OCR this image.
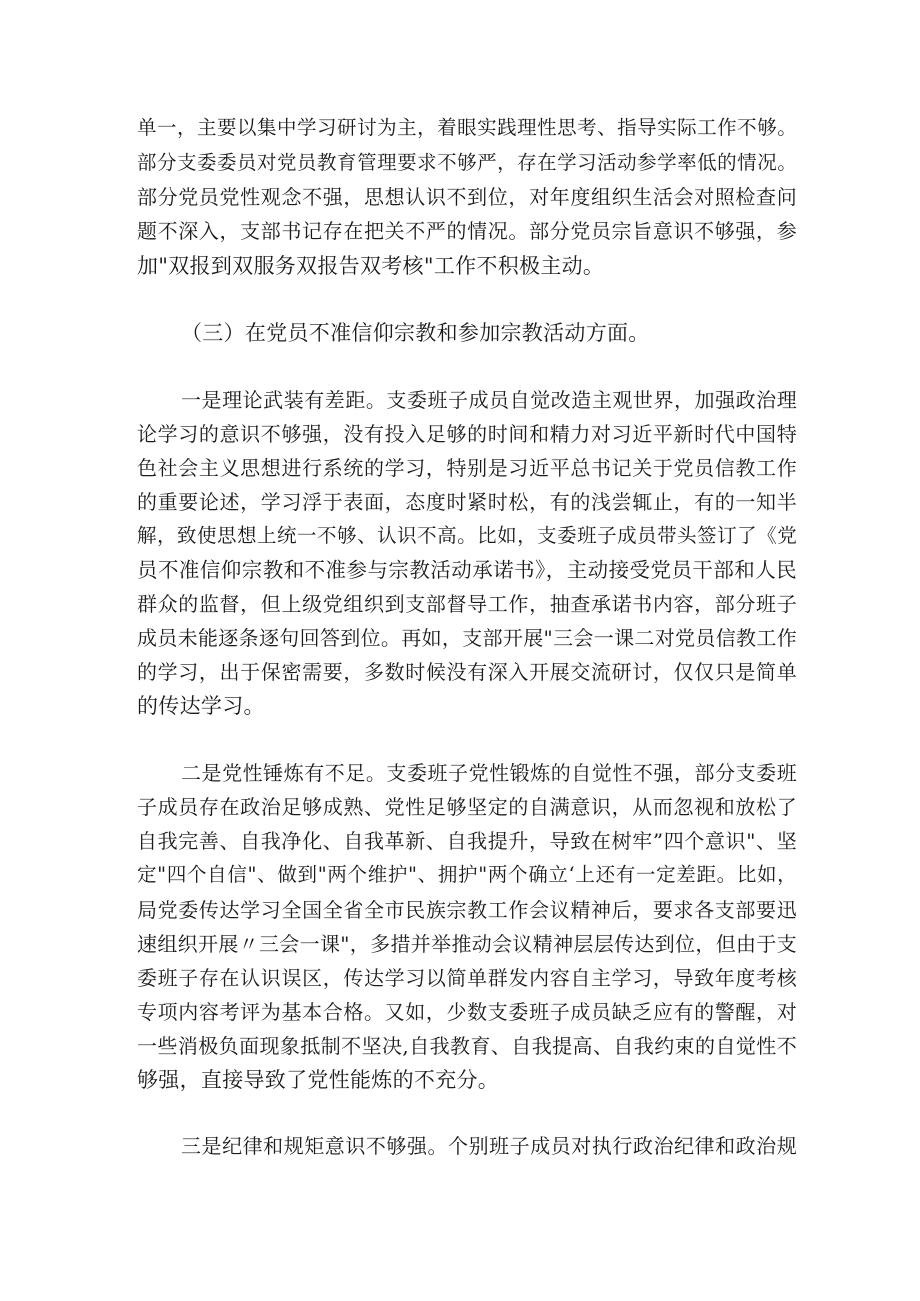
单一，主要以集中学习研讨为主，着眼实践理性思考、指导实际工作不够。
部分支委委员对党员教育管理要求不够严，存在学习活动参学率低的情况。
部分党员党性观念不强，思想认识不到位，对年度组织生活会对照检查问
题不深入，支部书记存在把关不严的情况。部分党员宗旨意识不够强，参
加"双报到双服务双报告双考核"工作不积极主动。
（三）在党员不准信仰宗教和参加宗教活动方面。
一是理论武装有差距。支委班子成员自觉改造主观世界，加强政治理
论学习的意识不够强，没有投入足够的时间和精力对习近平新时代中国特
色社会主义思想进行系统的学习，特别是习近平总书记关于党员信教工作
的重要论述，学习浮于表面，态度时紧时松，有的浅尝辄止，有的一知半
解，致使思想上统一不够、认识不高。比如，支委班子成员带头签订了《党
员不准信仰宗教和不准参与宗教活动承诺书》，主动接受党员干部和人民
群众的监督，但上级党组织到支部督导工作，抽查承诺书内容，部分班子
成员未能逐条逐句回答到位。再如，支部开展"三会一课二对党员信教工作
的学习，出于保密需要，多数时候没有深入开展交流研讨，仅仅只是简单
的传达学习。
二是党性锤炼有不足。支委班子党性锻炼的自觉性不强，部分支委班
子成员存在政治足够成熟、党性足够坚定的自满意识，从而忽视和放松了
自我完善、自我净化、自我革新、自我提升，导致在树牢”四个意识"、坚
定"四个自信"、做到"两个维护"、拥护"两个确立‘上还有一定差距。比如，
局党委传达学习全国全省全市民族宗教工作会议精神后，要求各支部要迅
速组织开展〃三会一课"，多措并举推动会议精神层层传达到位，但由于支
委班子存在认识误区，传达学习以简单群发内容自主学习，导致年度考核
专项内容考评为基本合格。又如，少数支委班子成员缺乏应有的警醒，对
一些消极负面现象抵制不坚决,自我教育、自我提高、自我约束的自觉性不
够强，直接导致了党性能炼的不充分。
三是纪律和规矩意识不够强。个别班子成员对执行政治纪律和政治规
